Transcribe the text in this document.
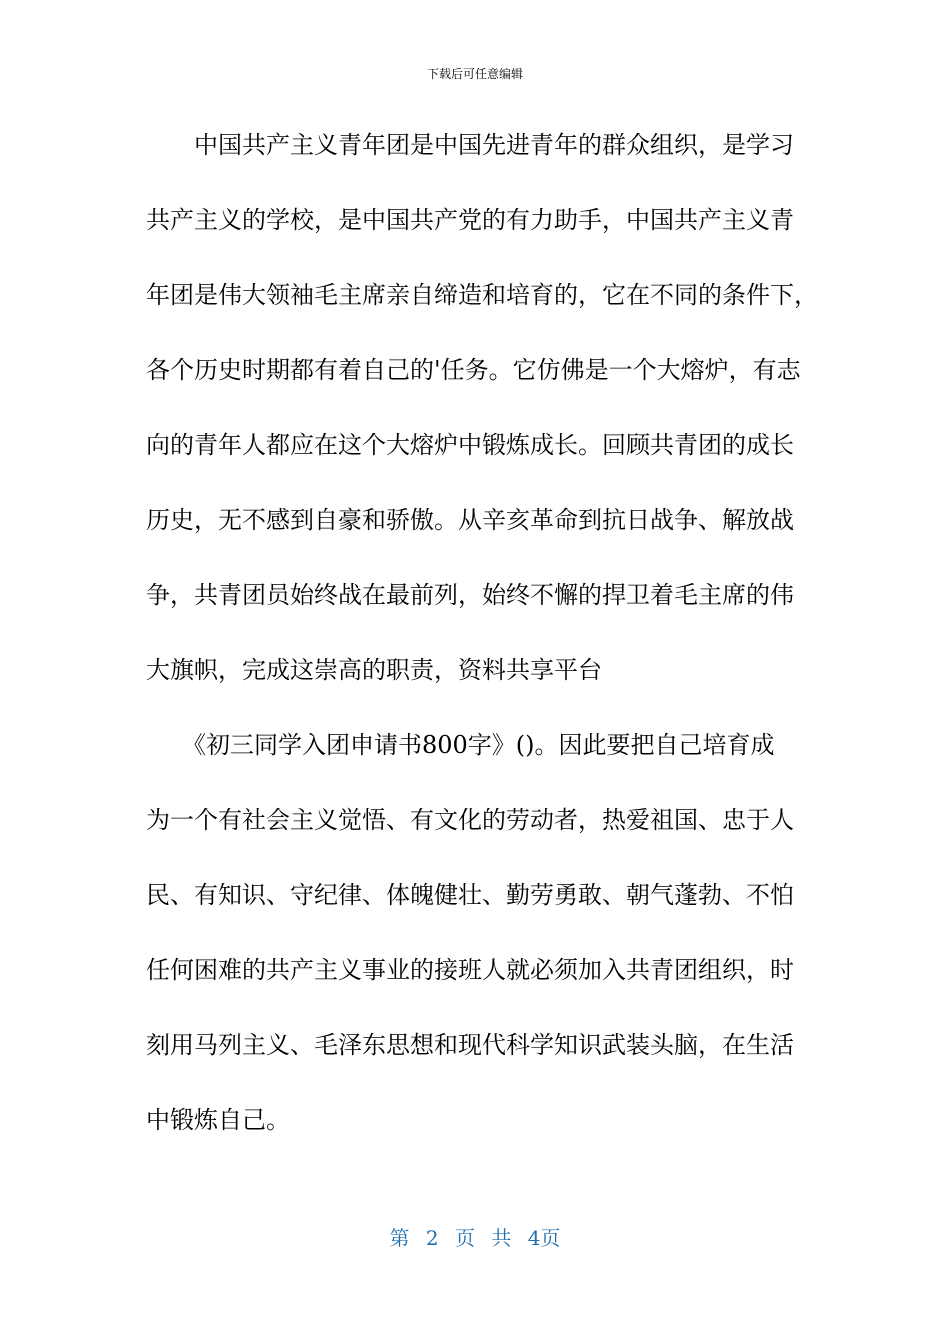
下载后可任意编辑
　　中国共产主义青年团是中国先进青年的群众组织，是学习
共产主义的学校，是中国共产党的有力助手，中国共产主义青
年团是伟大领袖毛主席亲自缔造和培育的，它在不同的条件下，
各个历史时期都有着自己的'任务。它仿佛是一个大熔炉，有志
向的青年人都应在这个大熔炉中锻炼成长。回顾共青团的成长
历史，无不感到自豪和骄傲。从辛亥革命到抗日战争、解放战
争，共青团员始终战在最前列，始终不懈的捍卫着毛主席的伟
大旗帜，完成这崇高的职责，资料共享平台
　　《初三同学入团申请书800字》()。因此要把自己培育成
为一个有社会主义觉悟、有文化的劳动者，热爱祖国、忠于人
民、有知识、守纪律、体魄健壮、勤劳勇敢、朝气蓬勃、不怕
任何困难的共产主义事业的接班人就必须加入共青团组织，时
刻用马列主义、毛泽东思想和现代科学知识武装头脑，在生活
中锻炼自己。
第 2 页 共 4页
